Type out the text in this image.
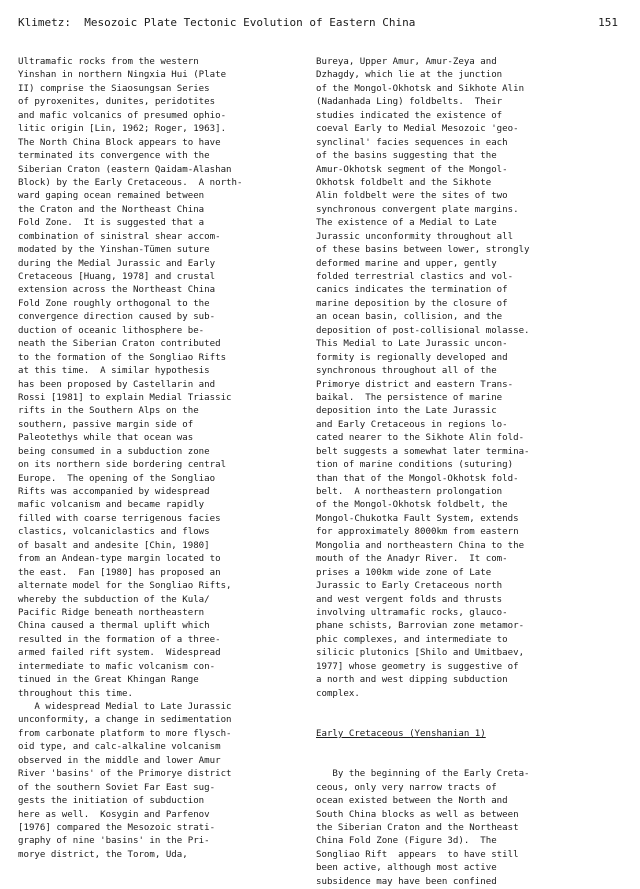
Klimetz:  Mesozoic Plate Tectonic Evolution of Eastern China	151
Ultramafic rocks from the western
Yinshan in northern Ningxia Hui (Plate
II) comprise the Siaosungsan Series
of pyroxenites, dunites, peridotites
and mafic volcanics of presumed ophio-
litic origin [Lin, 1962; Roger, 1963].
The North China Block appears to have
terminated its convergence with the
Siberian Craton (eastern Qaidam-Alashan
Block) by the Early Cretaceous.  A north-
ward gaping ocean remained between
the Craton and the Northeast China
Fold Zone.  It is suggested that a
combination of sinistral shear accom-
modated by the Yinshan-Tümen suture
during the Medial Jurassic and Early
Cretaceous [Huang, 1978] and crustal
extension across the Northeast China
Fold Zone roughly orthogonal to the
convergence direction caused by sub-
duction of oceanic lithosphere be-
neath the Siberian Craton contributed
to the formation of the Songliao Rifts
at this time.  A similar hypothesis
has been proposed by Castellarin and
Rossi [1981] to explain Medial Triassic
rifts in the Southern Alps on the
southern, passive margin side of
Paleotethys while that ocean was
being consumed in a subduction zone
on its northern side bordering central
Europe.  The opening of the Songliao
Rifts was accompanied by widespread
mafic volcanism and became rapidly
filled with coarse terrigenous facies
clastics, volcaniclastics and flows
of basalt and andesite [Chin, 1980]
from an Andean-type margin located to
the east.  Fan [1980] has proposed an
alternate model for the Songliao Rifts,
whereby the subduction of the Kula/
Pacific Ridge beneath northeastern
China caused a thermal uplift which
resulted in the formation of a three-
armed failed rift system.  Widespread
intermediate to mafic volcanism con-
tinued in the Great Khingan Range
throughout this time.
A widespread Medial to Late Jurassic
unconformity, a change in sedimentation
from carbonate platform to more flysch-
oid type, and calc-alkaline volcanism
observed in the middle and lower Amur
River 'basins' of the Primorye district
of the southern Soviet Far East sug-
gests the initiation of subduction
here as well.  Kosygin and Parfenov
[1976] compared the Mesozoic strati-
graphy of nine 'basins' in the Pri-
morye district, the Torom, Uda,
Bureya, Upper Amur, Amur-Zeya and
Dzhagdy, which lie at the junction
of the Mongol-Okhotsk and Sikhote Alin
(Nadanhada Ling) foldbelts.  Their
studies indicated the existence of
coeval Early to Medial Mesozoic 'geo-
synclinal' facies sequences in each
of the basins suggesting that the
Amur-Okhotsk segment of the Mongol-
Okhotsk foldbelt and the Sikhote
Alin foldbelt were the sites of two
synchronous convergent plate margins.
The existence of a Medial to Late
Jurassic unconformity throughout all
of these basins between lower, strongly
deformed marine and upper, gently
folded terrestrial clastics and vol-
canics indicates the termination of
marine deposition by the closure of
an ocean basin, collision, and the
deposition of post-collisional molasse.
This Medial to Late Jurassic uncon-
formity is regionally developed and
synchronous throughout all of the
Primorye district and eastern Trans-
baikal.  The persistence of marine
deposition into the Late Jurassic
and Early Cretaceous in regions lo-
cated nearer to the Sikhote Alin fold-
belt suggests a somewhat later termina-
tion of marine conditions (suturing)
than that of the Mongol-Okhotsk fold-
belt.  A northeastern prolongation
of the Mongol-Okhotsk foldbelt, the
Mongol-Chukotka Fault System, extends
for approximately 8000km from eastern
Mongolia and northeastern China to the
mouth of the Anadyr River.  It com-
prises a 100km wide zone of Late
Jurassic to Early Cretaceous north
and west vergent folds and thrusts
involving ultramafic rocks, glauco-
phane schists, Barrovian zone metamor-
phic complexes, and intermediate to
silicic plutonics [Shilo and Umitbaev,
1977] whose geometry is suggestive of
a north and west dipping subduction
complex.
Early Cretaceous (Yenshanian 1)
By the beginning of the Early Creta-
ceous, only very narrow tracts of
ocean existed between the North and
South China blocks as well as between
the Siberian Craton and the Northeast
China Fold Zone (Figure 3d).  The
Songliao Rift  appears  to have still
been active, although most active
subsidence may have been confined
